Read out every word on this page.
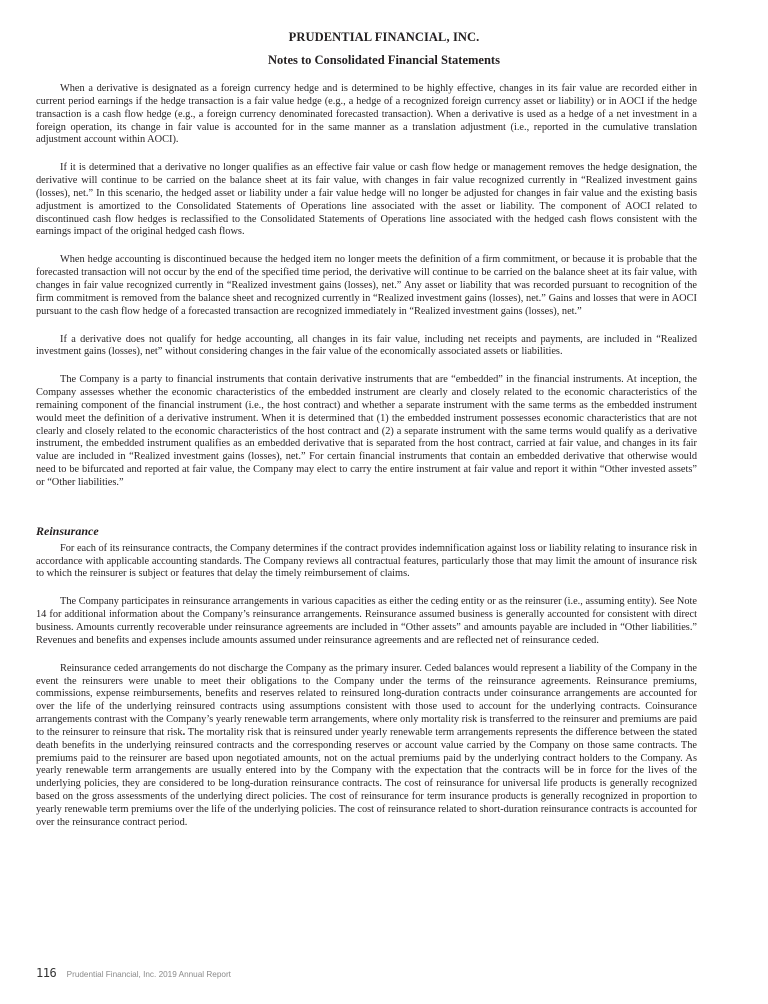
PRUDENTIAL FINANCIAL, INC.
Notes to Consolidated Financial Statements

When a derivative is designated as a foreign currency hedge and is determined to be highly effective, changes in its fair value are recorded either in current period earnings if the hedge transaction is a fair value hedge (e.g., a hedge of a recognized foreign currency asset or liability) or in AOCI if the hedge transaction is a cash flow hedge (e.g., a foreign currency denominated forecasted transaction). When a derivative is used as a hedge of a net investment in a foreign operation, its change in fair value is accounted for in the same manner as a translation adjustment (i.e., reported in the cumulative translation adjustment account within AOCI).

If it is determined that a derivative no longer qualifies as an effective fair value or cash flow hedge or management removes the hedge designation, the derivative will continue to be carried on the balance sheet at its fair value, with changes in fair value recognized currently in “Realized investment gains (losses), net.” In this scenario, the hedged asset or liability under a fair value hedge will no longer be adjusted for changes in fair value and the existing basis adjustment is amortized to the Consolidated Statements of Operations line associated with the asset or liability. The component of AOCI related to discontinued cash flow hedges is reclassified to the Consolidated Statements of Operations line associated with the hedged cash flows consistent with the earnings impact of the original hedged cash flows.

When hedge accounting is discontinued because the hedged item no longer meets the definition of a firm commitment, or because it is probable that the forecasted transaction will not occur by the end of the specified time period, the derivative will continue to be carried on the balance sheet at its fair value, with changes in fair value recognized currently in “Realized investment gains (losses), net.” Any asset or liability that was recorded pursuant to recognition of the firm commitment is removed from the balance sheet and recognized currently in “Realized investment gains (losses), net.” Gains and losses that were in AOCI pursuant to the cash flow hedge of a forecasted transaction are recognized immediately in “Realized investment gains (losses), net.”

If a derivative does not qualify for hedge accounting, all changes in its fair value, including net receipts and payments, are included in “Realized investment gains (losses), net” without considering changes in the fair value of the economically associated assets or liabilities.

The Company is a party to financial instruments that contain derivative instruments that are “embedded” in the financial instruments. At inception, the Company assesses whether the economic characteristics of the embedded instrument are clearly and closely related to the economic characteristics of the remaining component of the financial instrument (i.e., the host contract) and whether a separate instrument with the same terms as the embedded instrument would meet the definition of a derivative instrument. When it is determined that (1) the embedded instrument possesses economic characteristics that are not clearly and closely related to the economic characteristics of the host contract and (2) a separate instrument with the same terms would qualify as a derivative instrument, the embedded instrument qualifies as an embedded derivative that is separated from the host contract, carried at fair value, and changes in its fair value are included in “Realized investment gains (losses), net.” For certain financial instruments that contain an embedded derivative that otherwise would need to be bifurcated and reported at fair value, the Company may elect to carry the entire instrument at fair value and report it within “Other invested assets” or “Other liabilities.”

Reinsurance

For each of its reinsurance contracts, the Company determines if the contract provides indemnification against loss or liability relating to insurance risk in accordance with applicable accounting standards. The Company reviews all contractual features, particularly those that may limit the amount of insurance risk to which the reinsurer is subject or features that delay the timely reimbursement of claims.

The Company participates in reinsurance arrangements in various capacities as either the ceding entity or as the reinsurer (i.e., assuming entity). See Note 14 for additional information about the Company’s reinsurance arrangements. Reinsurance assumed business is generally accounted for consistent with direct business. Amounts currently recoverable under reinsurance agreements are included in “Other assets” and amounts payable are included in “Other liabilities.” Revenues and benefits and expenses include amounts assumed under reinsurance agreements and are reflected net of reinsurance ceded.

Reinsurance ceded arrangements do not discharge the Company as the primary insurer. Ceded balances would represent a liability of the Company in the event the reinsurers were unable to meet their obligations to the Company under the terms of the reinsurance agreements. Reinsurance premiums, commissions, expense reimbursements, benefits and reserves related to reinsured long-duration contracts under coinsurance arrangements are accounted for over the life of the underlying reinsured contracts using assumptions consistent with those used to account for the underlying contracts. Coinsurance arrangements contrast with the Company’s yearly renewable term arrangements, where only mortality risk is transferred to the reinsurer and premiums are paid to the reinsurer to reinsure that risk. The mortality risk that is reinsured under yearly renewable term arrangements represents the difference between the stated death benefits in the underlying reinsured contracts and the corresponding reserves or account value carried by the Company on those same contracts. The premiums paid to the reinsurer are based upon negotiated amounts, not on the actual premiums paid by the underlying contract holders to the Company. As yearly renewable term arrangements are usually entered into by the Company with the expectation that the contracts will be in force for the lives of the underlying policies, they are considered to be long-duration reinsurance contracts. The cost of reinsurance for universal life products is generally recognized based on the gross assessments of the underlying direct policies. The cost of reinsurance for term insurance products is generally recognized in proportion to yearly renewable term premiums over the life of the underlying policies. The cost of reinsurance related to short-duration reinsurance contracts is accounted for over the reinsurance contract period.

116 Prudential Financial, Inc. 2019 Annual Report
